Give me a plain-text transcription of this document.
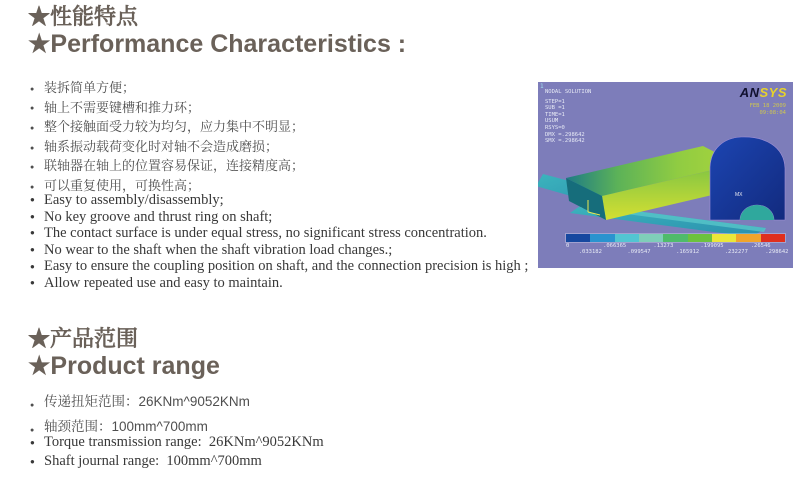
★性能特点
★Performance Characteristics :
● 装拆简单方便；
● 轴上不需要键槽和推力环；
● 整个接触面受力较为均匀，应力集中不明显；
● 轴系振动载荷变化时对轴不会造成磨损；
● 联轴器在轴上的位置容易保证，连接精度高；
● 可以重复使用，可换性高；
● Easy to assembly/disassembly;
● No key groove and thrust ring on shaft;
● The contact surface is under equal stress, no significant stress concentration.
● No wear to the shaft when the shaft vibration load changes.;
● Easy to ensure the coupling position on shaft, and the connection precision is high ;
● Allow repeated use and easy to maintain.
1
NODAL SOLUTION
STEP=1
SUB =1
TIME=1
USUM
RSYS=0
DMX =.298642
SMX =.298642
ANSYS
FEB 18 2009
09:08:04
MX
0	.066365	.13273	.199095	.26546
.033182	.099547	.165912	.232277	.298642
★产品范围
★Product range
● 传递扭矩范围：26KNm^9052KNm
● 轴颈范围：100mm^700mm
● Torque transmission range:  26KNm^9052KNm
● Shaft journal range:  100mm^700mm
